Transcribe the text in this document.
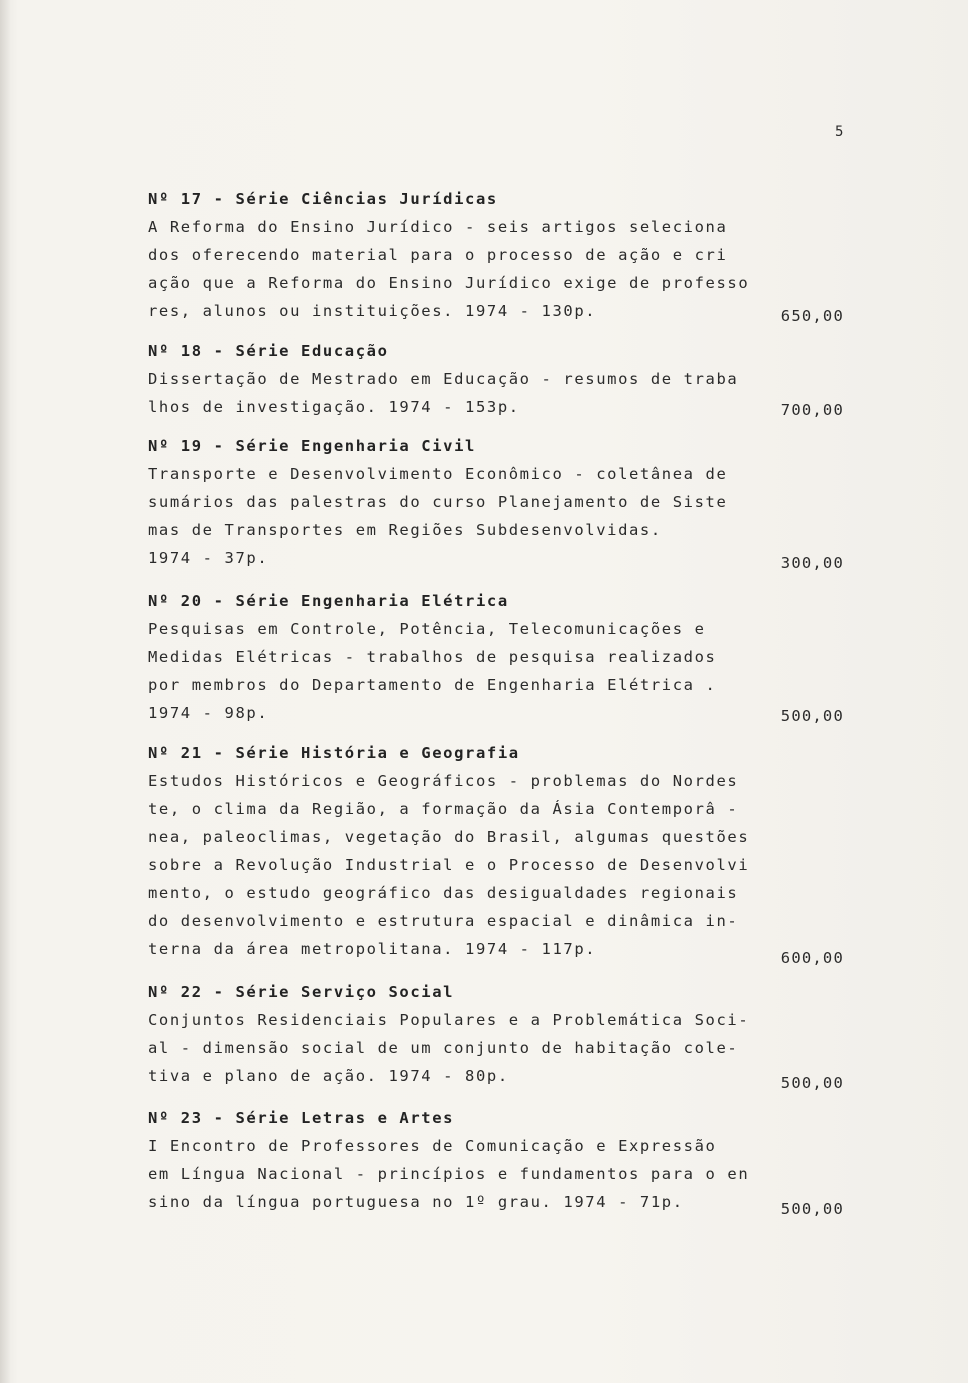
5
Nº 17 - Série Ciências Jurídicas
A Reforma do Ensino Jurídico - seis artigos seleciona
dos oferecendo material para o processo de ação e cri
ação que a Reforma do Ensino Jurídico exige de professo
res, alunos ou instituições. 1974 - 130p.	650,00
Nº 18 - Série Educação
Dissertação de Mestrado em Educação - resumos de traba
lhos de investigação. 1974 - 153p.	700,00
Nº 19 - Série Engenharia Civil
Transporte e Desenvolvimento Econômico - coletânea de
sumários das palestras do curso Planejamento de Siste
mas de Transportes em Regiões Subdesenvolvidas.
1974 - 37p.	300,00
Nº 20 - Série Engenharia Elétrica
Pesquisas em Controle, Potência, Telecomunicações e
Medidas Elétricas - trabalhos de pesquisa realizados
por membros do Departamento de Engenharia Elétrica .
1974 - 98p.	500,00
Nº 21 - Série História e Geografia
Estudos Históricos e Geográficos - problemas do Nordes
te, o clima da Região, a formação da Ásia Contemporâ -
nea, paleoclimas, vegetação do Brasil, algumas questões
sobre a Revolução Industrial e o Processo de Desenvolvi
mento, o estudo geográfico das desigualdades regionais
do desenvolvimento e estrutura espacial e dinâmica in-
terna da área metropolitana. 1974 - 117p.	600,00
Nº 22 - Série Serviço Social
Conjuntos Residenciais Populares e a Problemática Soci-
al - dimensão social de um conjunto de habitação cole-
tiva e plano de ação. 1974 - 80p.	500,00
Nº 23 - Série Letras e Artes
I Encontro de Professores de Comunicação e Expressão
em Língua Nacional - princípios e fundamentos para o en
sino da língua portuguesa no 1º grau. 1974 - 71p.	500,00
